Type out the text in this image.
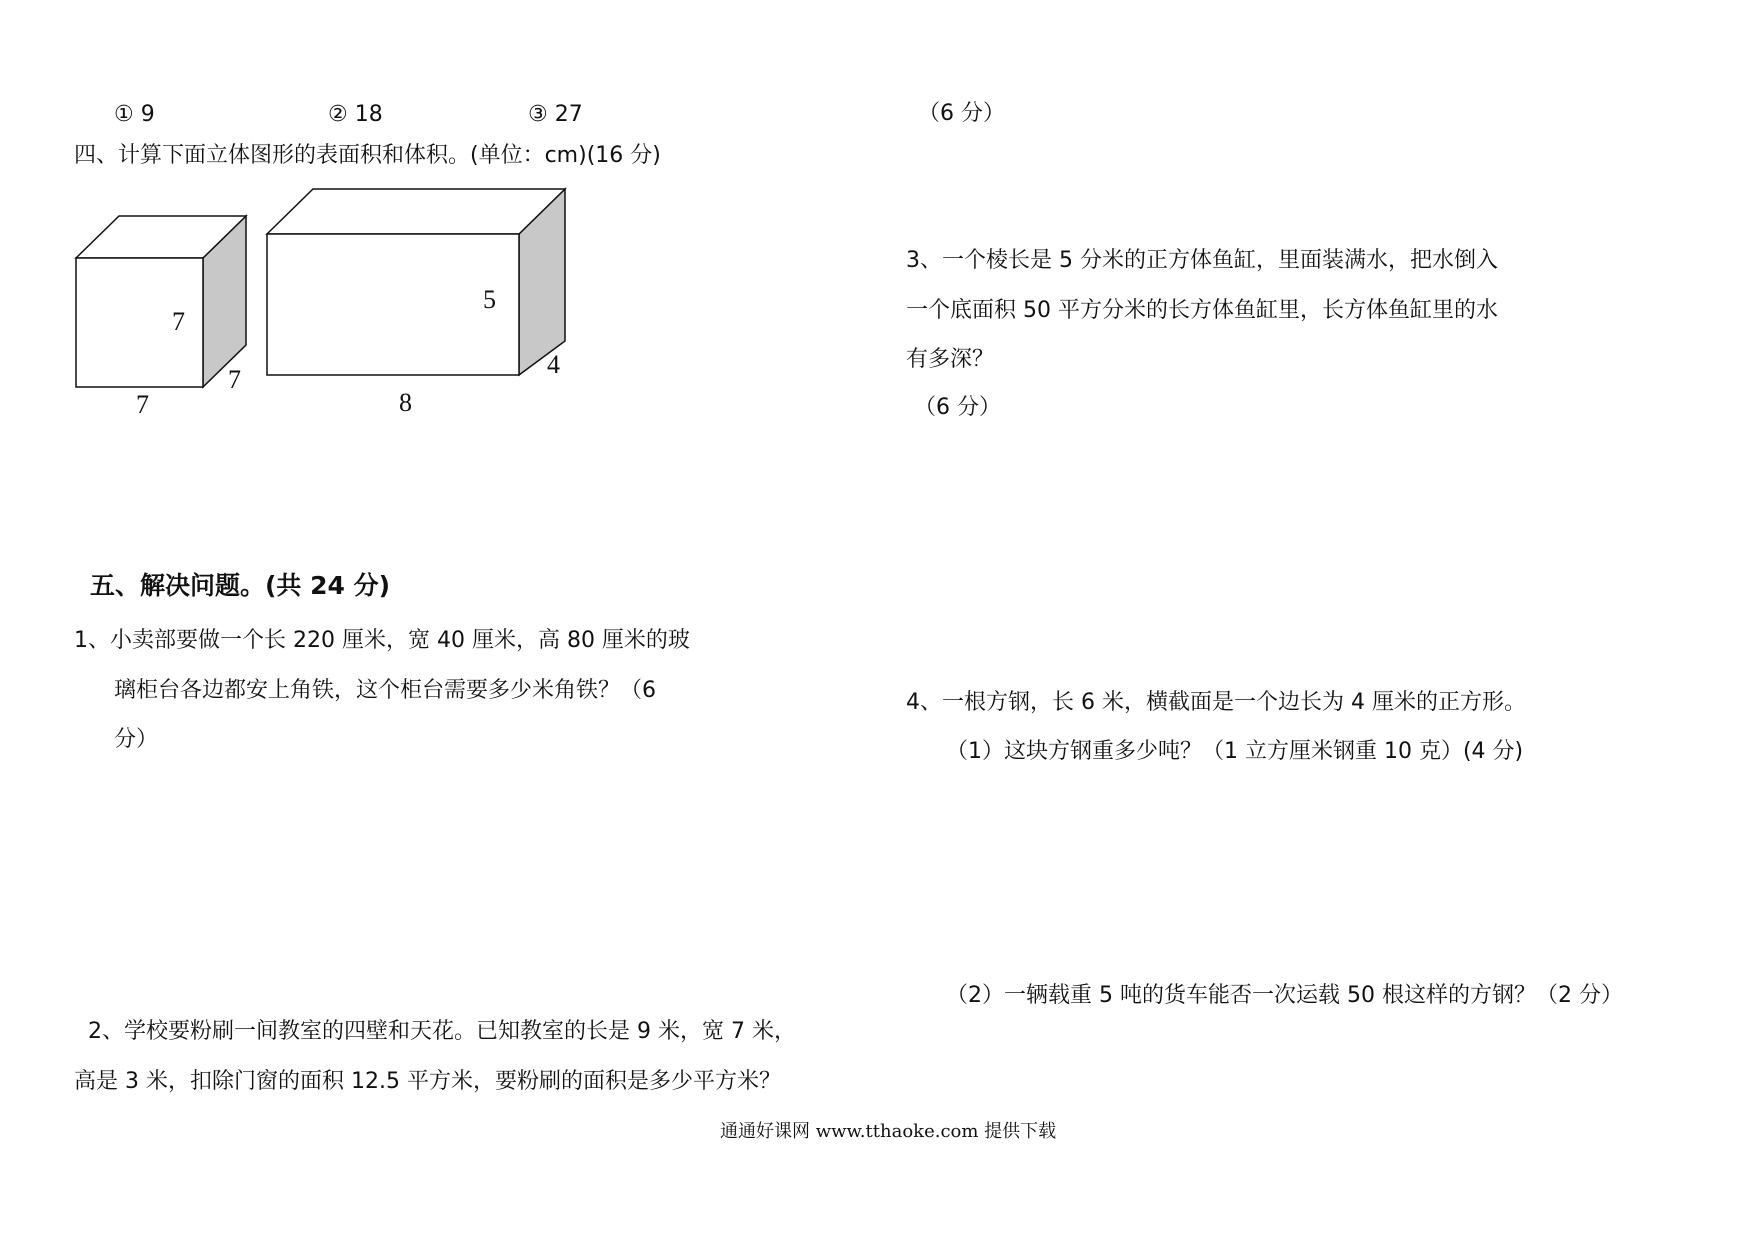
① 9	② 18	③ 27
四、计算下面立体图形的表面积和体积。(单位：cm)(16 分)
7
7
7
5
4
8
五、解决问题。(共 24 分)
1、小卖部要做一个长 220 厘米，宽 40 厘米，高 80 厘米的玻
璃柜台各边都安上角铁，这个柜台需要多少米角铁？（6
分）
2、学校要粉刷一间教室的四壁和天花。已知教室的长是 9 米，宽 7 米，
高是 3 米，扣除门窗的面积 12.5 平方米，要粉刷的面积是多少平方米？
（6 分）
3、一个棱长是 5 分米的正方体鱼缸，里面装满水，把水倒入
一个底面积 50 平方分米的长方体鱼缸里，长方体鱼缸里的水
有多深？
（6 分）
4、一根方钢，长 6 米，横截面是一个边长为 4 厘米的正方形。
（1）这块方钢重多少吨？（1 立方厘米钢重 10 克）(4 分)
（2）一辆载重 5 吨的货车能否一次运载 50 根这样的方钢？（2 分）
通通好课网 www.tthaoke.com 提供下载
